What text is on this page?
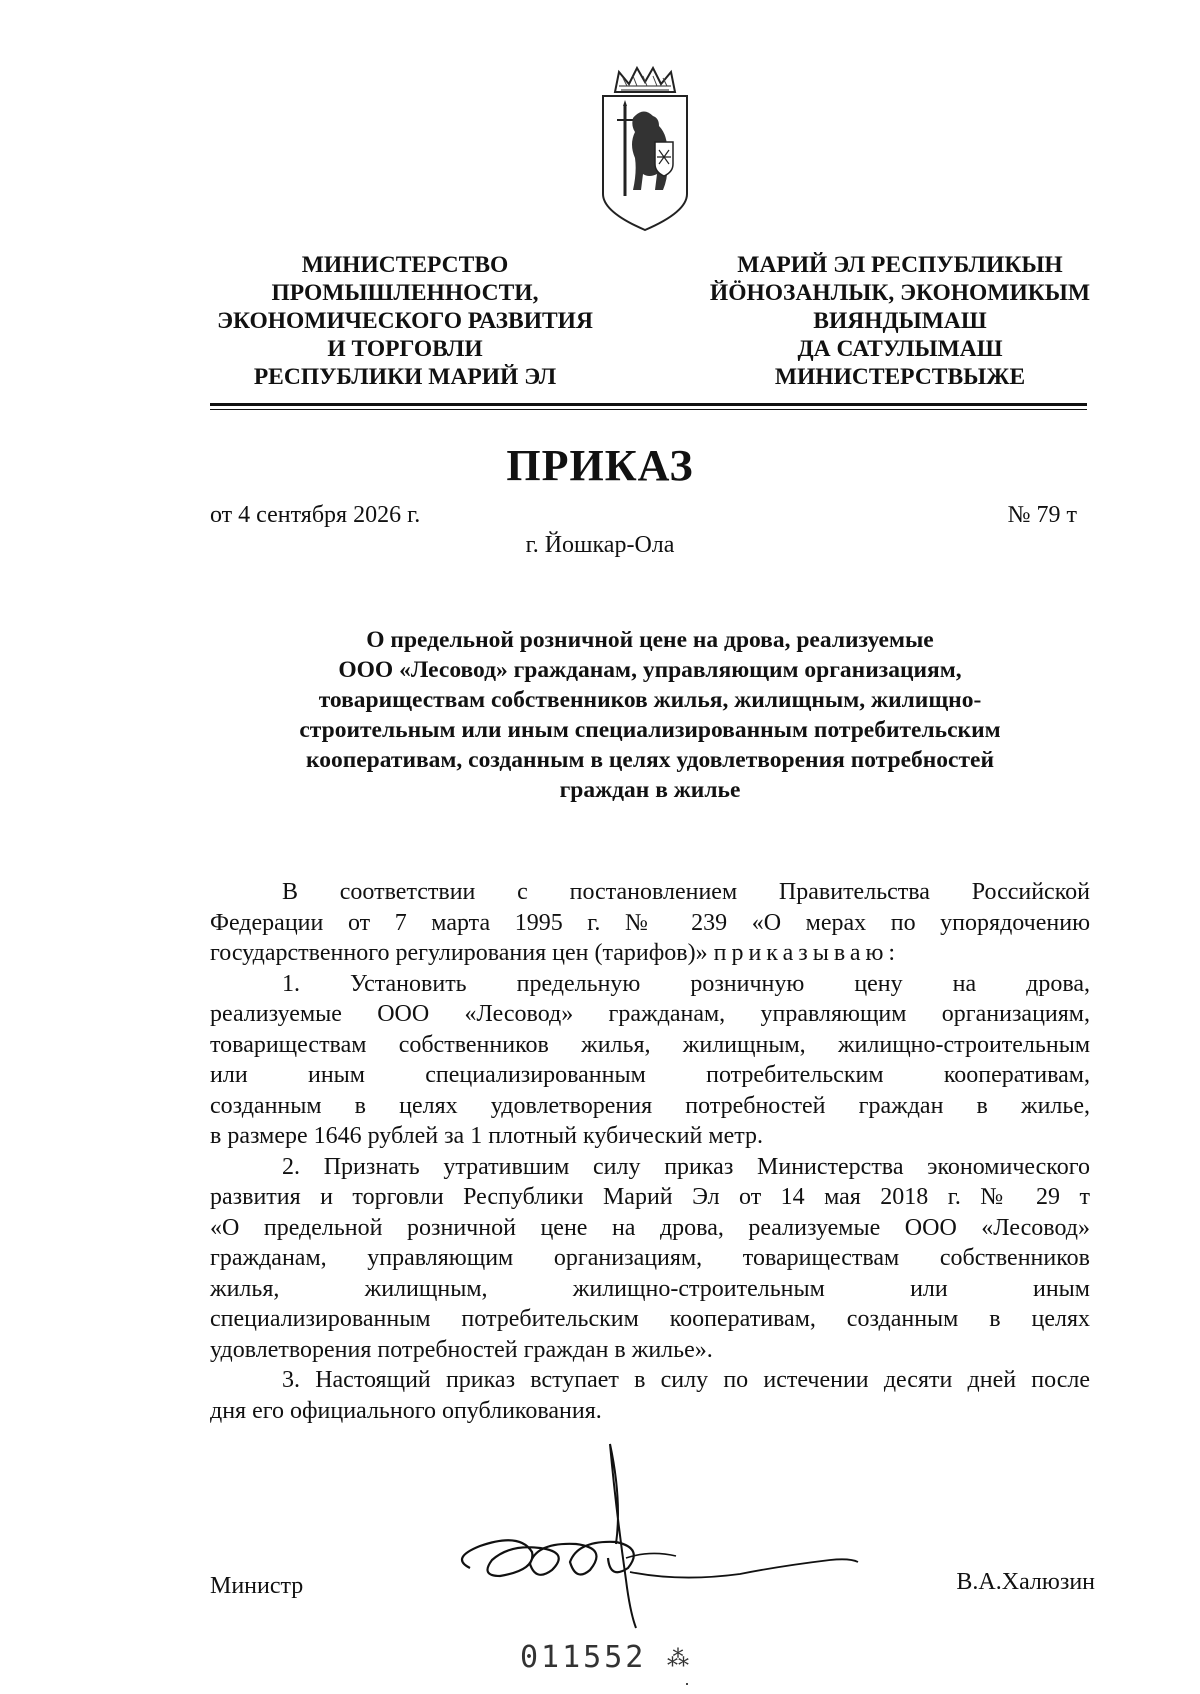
МИНИСТЕРСТВО
ПРОМЫШЛЕННОСТИ,
ЭКОНОМИЧЕСКОГО РАЗВИТИЯ
И ТОРГОВЛИ
РЕСПУБЛИКИ МАРИЙ ЭЛ
МАРИЙ ЭЛ РЕСПУБЛИКЫН
ЙÖНОЗАНЛЫК, ЭКОНОМИКЫМ
ВИЯНДЫМАШ
ДА САТУЛЫМАШ
МИНИСТЕРСТВЫЖЕ
ПРИКАЗ
от 4 сентября 2026 г.	№ 79 т
г. Йошкар-Ола
О предельной розничной цене на дрова, реализуемые
ООО «Лесовод» гражданам, управляющим организациям,
товариществам собственников жилья, жилищным, жилищно-
строительным или иным специализированным потребительским
кооперативам, созданным в целях удовлетворения потребностей
граждан в жилье
В соответствии с постановлением Правительства Российской
Федерации от 7 марта 1995 г. № 239 «О мерах по упорядочению
государственного регулирования цен (тарифов)» приказываю:
1. Установить предельную розничную цену на дрова,
реализуемые ООО «Лесовод» гражданам, управляющим организациям,
товариществам собственников жилья, жилищным, жилищно-строительным
или иным специализированным потребительским кооперативам,
созданным в целях удовлетворения потребностей граждан в жилье,
в размере 1646 рублей за 1 плотный кубический метр.
2. Признать утратившим силу приказ Министерства экономического
развития и торговли Республики Марий Эл от 14 мая 2018 г. № 29 т
«О предельной розничной цене на дрова, реализуемые ООО «Лесовод»
гражданам, управляющим организациям, товариществам собственников
жилья, жилищным, жилищно-строительным или иным
специализированным потребительским кооперативам, созданным в целях
удовлетворения потребностей граждан в жилье».
3. Настоящий приказ вступает в силу по истечении десяти дней после
дня его официального опубликования.
Министр	В.А.Халюзин
011552 ⁂
